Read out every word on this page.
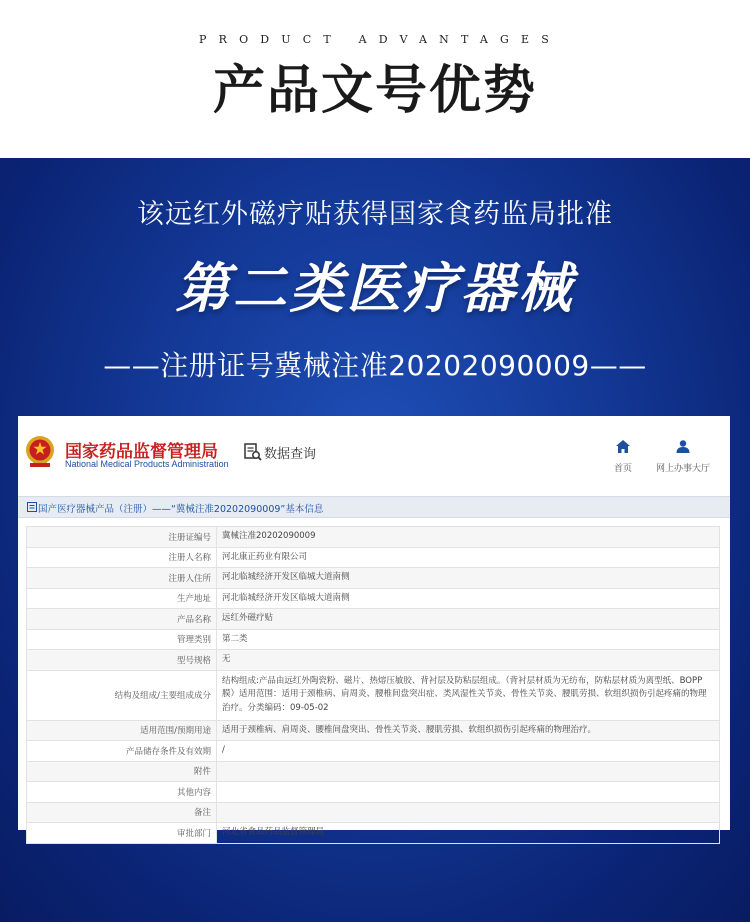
PRODUCT ADVANTAGES
产品文号优势
该远红外磁疗贴获得国家食药监局批准
第二类医疗器械
——注册证号冀械注准20202090009——
国家药品监督管理局
National Medical Products Administration
数据查询
首页	网上办事大厅
国产医疗器械产品（注册）——“冀械注准20202090009”基本信息
注册证编号	冀械注准20202090009
注册人名称	河北康正药业有限公司
注册人住所	河北临城经济开发区临城大道南侧
生产地址	河北临城经济开发区临城大道南侧
产品名称	远红外磁疗贴
管理类别	第二类
型号规格	无
结构及组成/主要组成成分	结构组成:产品由远红外陶瓷粉、磁片、热熔压敏胶、背衬层及防粘层组成。（背衬层材质为无纺布，防粘层材质为离型纸、BOPP膜）适用范围：适用于颈椎病、肩周炎、腰椎间盘突出症、类风湿性关节炎、骨性关节炎、腰肌劳损、软组织损伤引起疼痛的物理治疗。分类编码：09-05-02
适用范围/预期用途	适用于颈椎病、肩周炎、腰椎间盘突出、骨性关节炎、腰肌劳损、软组织损伤引起疼痛的物理治疗。
产品储存条件及有效期	/
附件	
其他内容	
备注	
审批部门	河北省食品药品监督管理局
